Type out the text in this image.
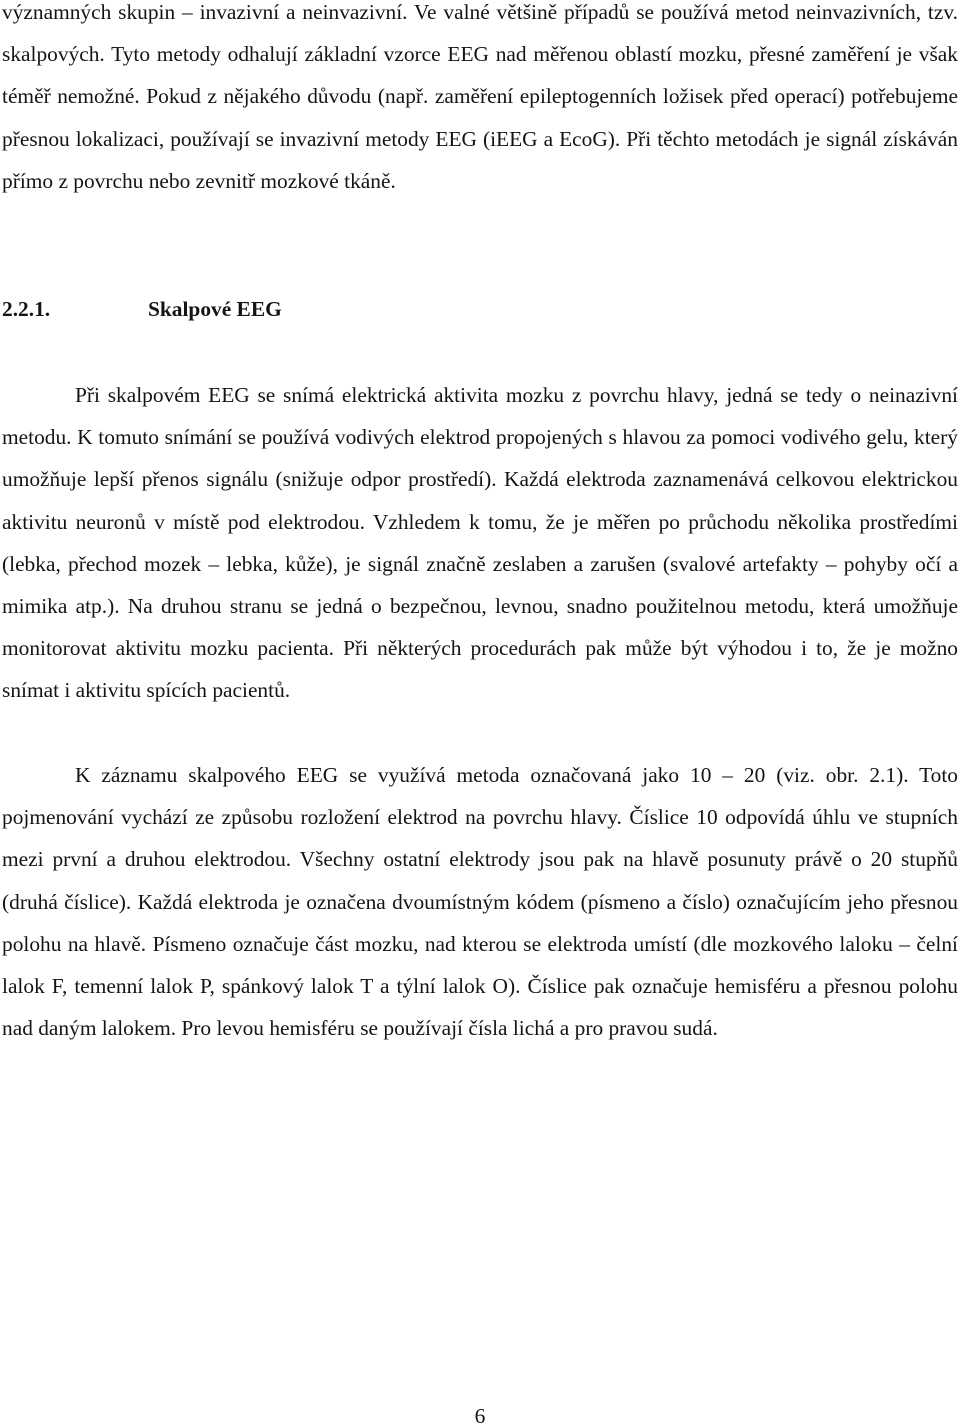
významných skupin – invazivní a neinvazivní. Ve valné většině případů se používá metod neinvazivních, tzv. skalpových. Tyto metody odhalují základní vzorce EEG nad měřenou oblastí mozku, přesné zaměření je však téměř nemožné. Pokud z nějakého důvodu (např. zaměření epileptogenních ložisek před operací) potřebujeme přesnou lokalizaci, používají se invazivní metody EEG (iEEG a EcoG). Při těchto metodách je signál získáván přímo z povrchu nebo zevnitř mozkové tkáně.

2.2.1.	Skalpové EEG

Při skalpovém EEG se snímá elektrická aktivita mozku z povrchu hlavy, jedná se tedy o neinazivní metodu. K tomuto snímání se používá vodivých elektrod propojených s hlavou za pomoci vodivého gelu, který umožňuje lepší přenos signálu (snižuje odpor prostředí). Každá elektroda zaznamenává celkovou elektrickou aktivitu neuronů v místě pod elektrodou. Vzhledem k tomu, že je měřen po průchodu několika prostředími (lebka, přechod mozek – lebka, kůže), je signál značně zeslaben a zarušen (svalové artefakty – pohyby očí a mimika atp.). Na druhou stranu se jedná o bezpečnou, levnou, snadno použitelnou metodu, která umožňuje monitorovat aktivitu mozku pacienta. Při některých procedurách pak může být výhodou i to, že je možno snímat i aktivitu spících pacientů.

K záznamu skalpového EEG se využívá metoda označovaná jako 10 – 20 (viz. obr. 2.1). Toto pojmenování vychází ze způsobu rozložení elektrod na povrchu hlavy. Číslice 10 odpovídá úhlu ve stupních mezi první a druhou elektrodou. Všechny ostatní elektrody jsou pak na hlavě posunuty právě o 20 stupňů (druhá číslice). Každá elektroda je označena dvoumístným kódem (písmeno a číslo) označujícím jeho přesnou polohu na hlavě. Písmeno označuje část mozku, nad kterou se elektroda umístí (dle mozkového laloku – čelní lalok F, temenní lalok P, spánkový lalok T a týlní lalok O). Číslice pak označuje hemisféru a přesnou polohu nad daným lalokem. Pro levou hemisféru se používají čísla lichá a pro pravou sudá.

6
